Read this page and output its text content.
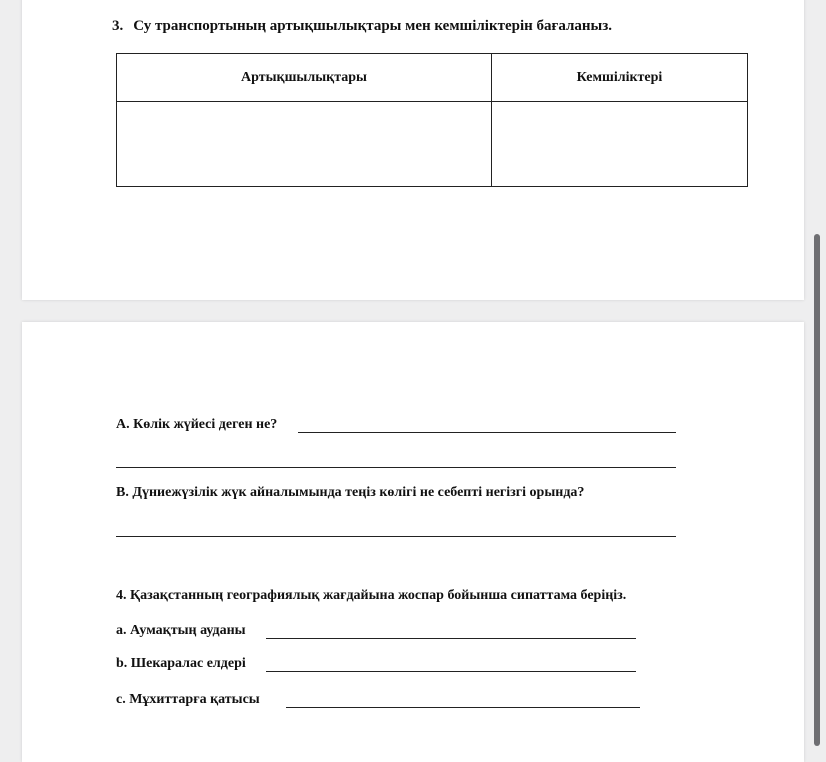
3. Су транспортының артықшылықтары мен кемшіліктерін бағаланыз.
Артықшылықтары	Кемшіліктері

А. Көлік жүйесі деген не?
В. Дүниежүзілік жүк айналымында теңіз көлігі не себепті негізгі орында?
4. Қазақстанның географиялық жағдайына жоспар бойынша сипаттама беріңіз.
а. Аумақтың ауданы
b. Шекаралас елдері
с. Мұхиттарға қатысы
